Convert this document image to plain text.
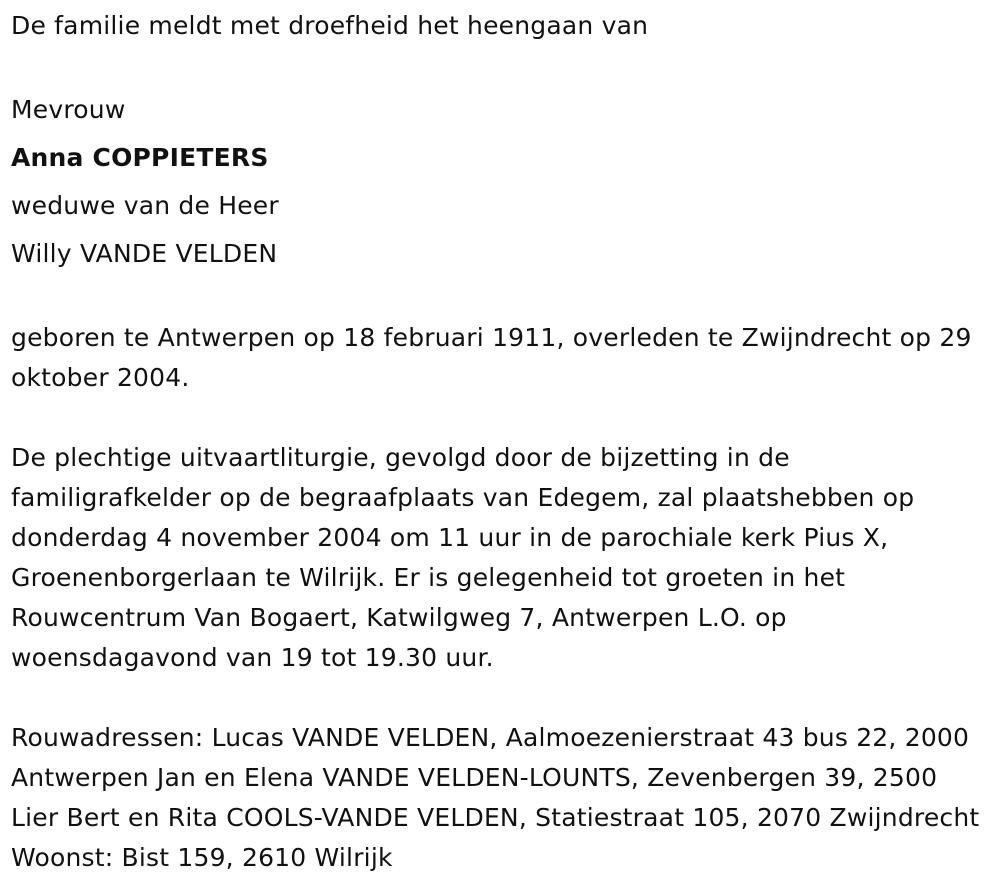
De familie meldt met droefheid het heengaan van
Mevrouw
Anna COPPIETERS
weduwe van de Heer
Willy VANDE VELDEN
geboren te Antwerpen op 18 februari 1911, overleden te Zwijndrecht op 29 oktober 2004.
De plechtige uitvaartliturgie, gevolgd door de bijzetting in de familigrafkelder op de begraafplaats van Edegem, zal plaatshebben op donderdag 4 november 2004 om 11 uur in de parochiale kerk Pius X, Groenenborgerlaan te Wilrijk. Er is gelegenheid tot groeten in het Rouwcentrum Van Bogaert, Katwilgweg 7, Antwerpen L.O. op woensdagavond van 19 tot 19.30 uur.
Rouwadressen: Lucas VANDE VELDEN, Aalmoezenierstraat 43 bus 22, 2000 Antwerpen Jan en Elena VANDE VELDEN-LOUNTS, Zevenbergen 39, 2500 Lier Bert en Rita COOLS-VANDE VELDEN, Statiestraat 105, 2070 Zwijndrecht Woonst: Bist 159, 2610 Wilrijk
